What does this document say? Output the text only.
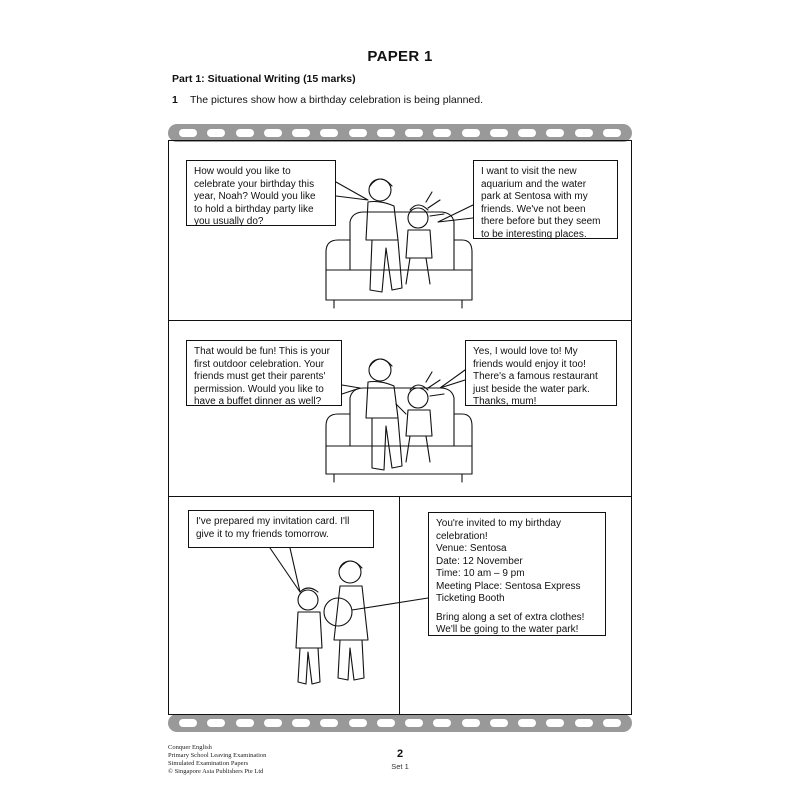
PAPER 1
Part 1: Situational Writing (15 marks)
1 The pictures show how a birthday celebration is being planned.
How would you like to
celebrate your birthday this
year, Noah? Would you like
to hold a birthday party like
you usually do?
I want to visit the new
aquarium and the water
park at Sentosa with my
friends. We've not been
there before but they seem
to be interesting places.
That would be fun! This is your
first outdoor celebration. Your
friends must get their parents'
permission. Would you like to
have a buffet dinner as well?
Yes, I would love to! My
friends would enjoy it too!
There's a famous restaurant
just beside the water park.
Thanks, mum!
I've prepared my invitation card. I'll
give it to my friends tomorrow.
You're invited to my birthday
celebration!
Venue: Sentosa
Date: 12 November
Time: 10 am – 9 pm
Meeting Place: Sentosa Express
Ticketing Booth
Bring along a set of extra clothes!
We'll be going to the water park!
Conquer English
Primary School Leaving Examination
Simulated Examination Papers
© Singapore Asia Publishers Pte Ltd
2
Set 1
